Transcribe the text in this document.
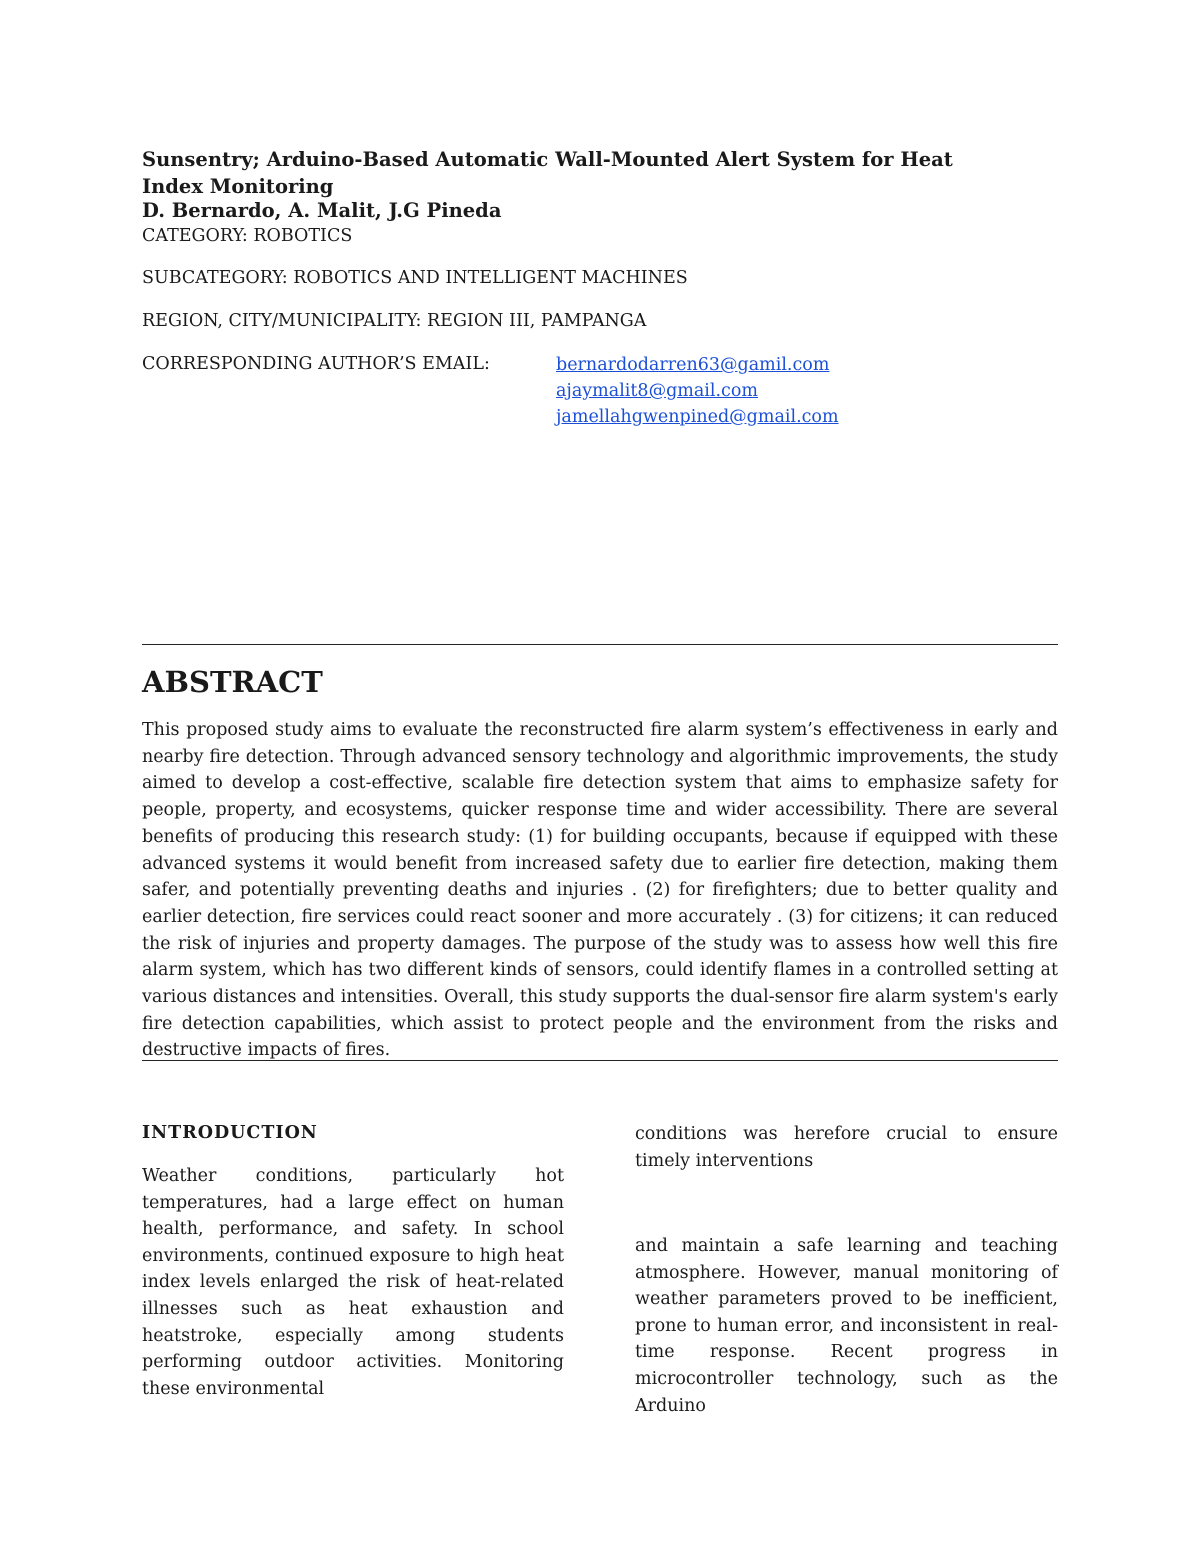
Sunsentry; Arduino-Based Automatic Wall-Mounted Alert System for Heat Index Monitoring

D. Bernardo, A. Malit, J.G Pineda

CATEGORY: ROBOTICS

SUBCATEGORY: ROBOTICS AND INTELLIGENT MACHINES

REGION, CITY/MUNICIPALITY: REGION III, PAMPANGA

CORRESPONDING AUTHOR’S EMAIL:	bernardodarren63@gamil.com
ajaymalit8@gmail.com
jamellahgwenpined@gmail.com
ABSTRACT

This proposed study aims to evaluate the reconstructed fire alarm system’s effectiveness in early and nearby fire detection. Through advanced sensory technology and algorithmic improvements, the study aimed to develop a cost-effective, scalable fire detection system that aims to emphasize safety for people, property, and ecosystems, quicker response time and wider accessibility. There are several benefits of producing this research study: (1) for building occupants, because if equipped with these advanced systems it would benefit from increased safety due to earlier fire detection, making them safer, and potentially preventing deaths and injuries . (2) for firefighters; due to better quality and earlier detection, fire services could react sooner and more accurately . (3) for citizens; it can reduced the risk of injuries and property damages. The purpose of the study was to assess how well this fire alarm system, which has two different kinds of sensors, could identify flames in a controlled setting at various distances and intensities. Overall, this study supports the dual-sensor fire alarm system's early fire detection capabilities, which assist to protect people and the environment from the risks and destructive impacts of fires.

INTRODUCTION

Weather conditions, particularly hot temperatures, had a large effect on human health, performance, and safety. In school environments, continued exposure to high heat index levels enlarged the risk of heat-related illnesses such as heat exhaustion and heatstroke, especially among students performing outdoor activities. Monitoring these environmental

conditions was herefore crucial to ensure timely interventions

and maintain a safe learning and teaching atmosphere. However, manual monitoring of weather parameters proved to be inefficient, prone to human error, and inconsistent in real-time response. Recent progress in microcontroller technology, such as the Arduino
